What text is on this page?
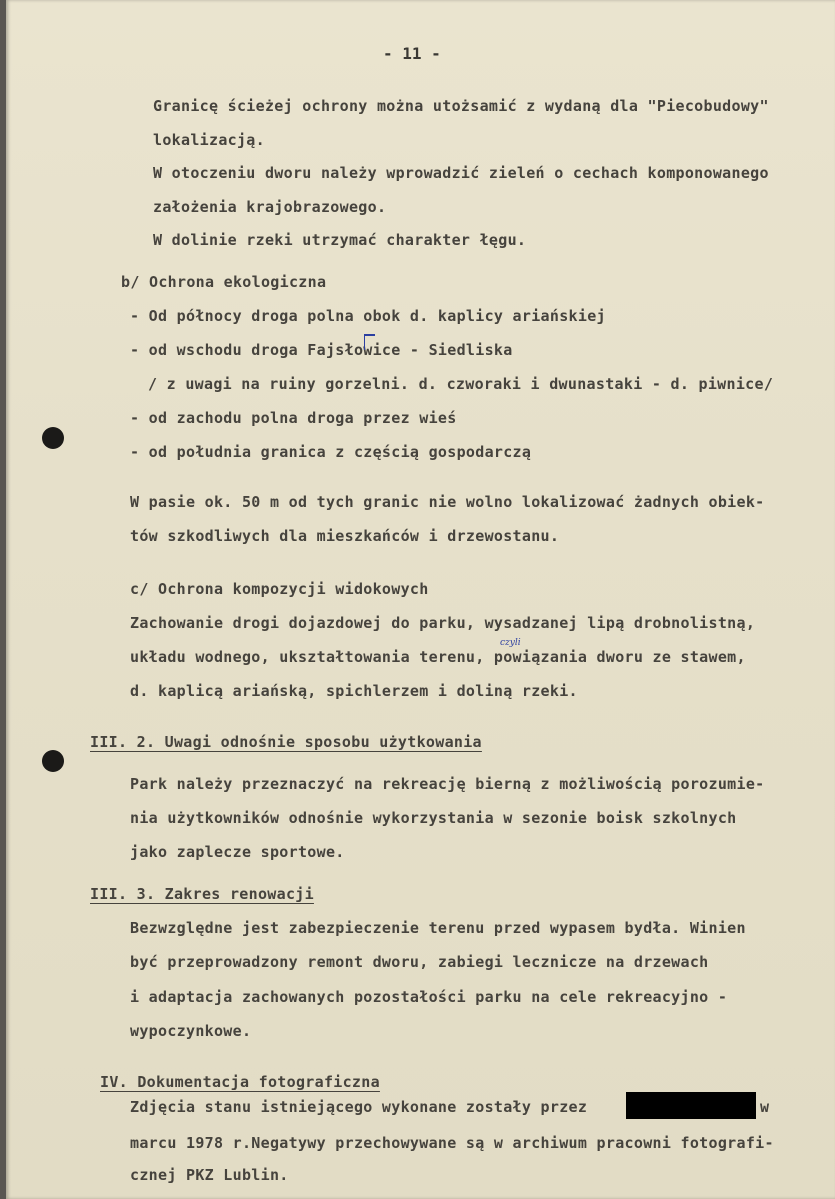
- 11 -
Granicę ścieżej ochrony można utożsamić z wydaną dla "Piecobudowy"
lokalizacją.
W otoczeniu dworu należy wprowadzić zieleń o cechach komponowanego
założenia krajobrazowego.
W dolinie rzeki utrzymać charakter łęgu.
b/ Ochrona ekologiczna
- Od północy droga polna obok d. kaplicy ariańskiej
- od wschodu droga Fajsłowice - Siedliska
/ z uwagi na ruiny gorzelni. d. czworaki i dwunastaki - d. piwnice/
- od zachodu polna droga przez wieś
- od południa granica z częścią gospodarczą
W pasie ok. 50 m od tych granic nie wolno lokalizować żadnych obiek-
tów szkodliwych dla mieszkańców i drzewostanu.
c/ Ochrona kompozycji widokowych
Zachowanie drogi dojazdowej do parku, wysadzanej lipą drobnolistną,
układu wodnego, ukształtowania terenu, powiązania dworu ze stawem,
d. kaplicą ariańską, spichlerzem i doliną rzeki.
III. 2. Uwagi odnośnie sposobu użytkowania
Park należy przeznaczyć na rekreację bierną z możliwością porozumie-
nia użytkowników odnośnie wykorzystania w sezonie boisk szkolnych
jako zaplecze sportowe.
III. 3. Zakres renowacji
Bezwzględne jest zabezpieczenie terenu przed wypasem bydła. Winien
być przeprowadzony remont dworu, zabiegi lecznicze na drzewach
i adaptacja zachowanych pozostałości parku na cele rekreacyjno -
wypoczynkowe.
IV. Dokumentacja fotograficzna
Zdjęcia stanu istniejącego wykonane zostały przez	w
marcu 1978 r.Negatywy przechowywane są w archiwum pracowni fotografi-
cznej PKZ Lublin.
czyli
